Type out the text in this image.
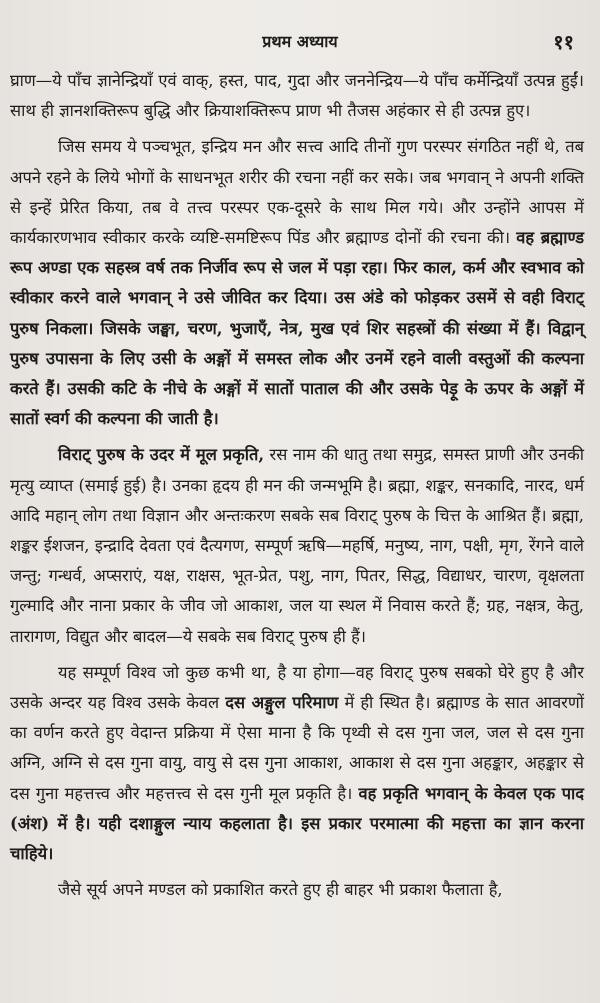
प्रथम अध्याय	११

घ्राण—ये पाँच ज्ञानेन्द्रियाँ एवं वाक्, हस्त, पाद, गुदा और जननेन्द्रिय—ये पाँच कर्मेन्द्रियाँ उत्पन्न हुईं। साथ ही ज्ञानशक्तिरूप बुद्धि और क्रियाशक्तिरूप प्राण भी तैजस अहंकार से ही उत्पन्न हुए।

जिस समय ये पञ्चभूत, इन्द्रिय मन और सत्त्व आदि तीनों गुण परस्पर संगठित नहीं थे, तब अपने रहने के लिये भोगों के साधनभूत शरीर की रचना नहीं कर सके। जब भगवान् ने अपनी शक्ति से इन्हें प्रेरित किया, तब वे तत्त्व परस्पर एक-दूसरे के साथ मिल गये। और उन्होंने आपस में कार्यकारणभाव स्वीकार करके व्यष्टि-समष्टिरूप पिंड और ब्रह्माण्ड दोनों की रचना की। वह ब्रह्माण्ड रूप अण्डा एक सहस्त्र वर्ष तक निर्जीव रूप से जल में पड़ा रहा। फिर काल, कर्म और स्वभाव को स्वीकार करने वाले भगवान् ने उसे जीवित कर दिया। उस अंडे को फोड़कर उसमें से वही विराट् पुरुष निकला। जिसके जङ्घा, चरण, भुजाएँ, नेत्र, मुख एवं शिर सहस्त्रों की संख्या में हैं। विद्वान् पुरुष उपासना के लिए उसी के अङ्गों में समस्त लोक और उनमें रहने वाली वस्तुओं की कल्पना करते हैं। उसकी कटि के नीचे के अङ्गों में सातों पाताल की और उसके पेड़ू के ऊपर के अङ्गों में सातों स्वर्ग की कल्पना की जाती है।

विराट् पुरुष के उदर में मूल प्रकृति, रस नाम की धातु तथा समुद्र, समस्त प्राणी और उनकी मृत्यु व्याप्त (समाई हुई) है। उनका हृदय ही मन की जन्मभूमि है। ब्रह्मा, शङ्कर, सनकादि, नारद, धर्म आदि महान् लोग तथा विज्ञान और अन्तःकरण सबके सब विराट् पुरुष के चित्त के आश्रित हैं। ब्रह्मा, शङ्कर ईशजन, इन्द्रादि देवता एवं दैत्यगण, सम्पूर्ण ऋषि—महर्षि, मनुष्य, नाग, पक्षी, मृग, रेंगने वाले जन्तु; गन्धर्व, अप्सराएं, यक्ष, राक्षस, भूत-प्रेत, पशु, नाग, पितर, सिद्ध, विद्याधर, चारण, वृक्षलता गुल्मादि और नाना प्रकार के जीव जो आकाश, जल या स्थल में निवास करते हैं; ग्रह, नक्षत्र, केतु, तारागण, विद्युत और बादल—ये सबके सब विराट् पुरुष ही हैं।

यह सम्पूर्ण विश्व जो कुछ कभी था, है या होगा—वह विराट् पुरुष सबको घेरे हुए है और उसके अन्दर यह विश्व उसके केवल दस अङ्गुल परिमाण में ही स्थित है। ब्रह्माण्ड के सात आवरणों का वर्णन करते हुए वेदान्त प्रक्रिया में ऐसा माना है कि पृथ्वी से दस गुना जल, जल से दस गुना अग्नि, अग्नि से दस गुना वायु, वायु से दस गुना आकाश, आकाश से दस गुना अहङ्कार, अहङ्कार से दस गुना महत्तत्त्व और महत्तत्त्व से दस गुनी मूल प्रकृति है। वह प्रकृति भगवान् के केवल एक पाद (अंश) में है। यही दशाङ्गुल न्याय कहलाता है। इस प्रकार परमात्मा की महत्ता का ज्ञान करना चाहिये।

जैसे सूर्य अपने मण्डल को प्रकाशित करते हुए ही बाहर भी प्रकाश फैलाता है,
